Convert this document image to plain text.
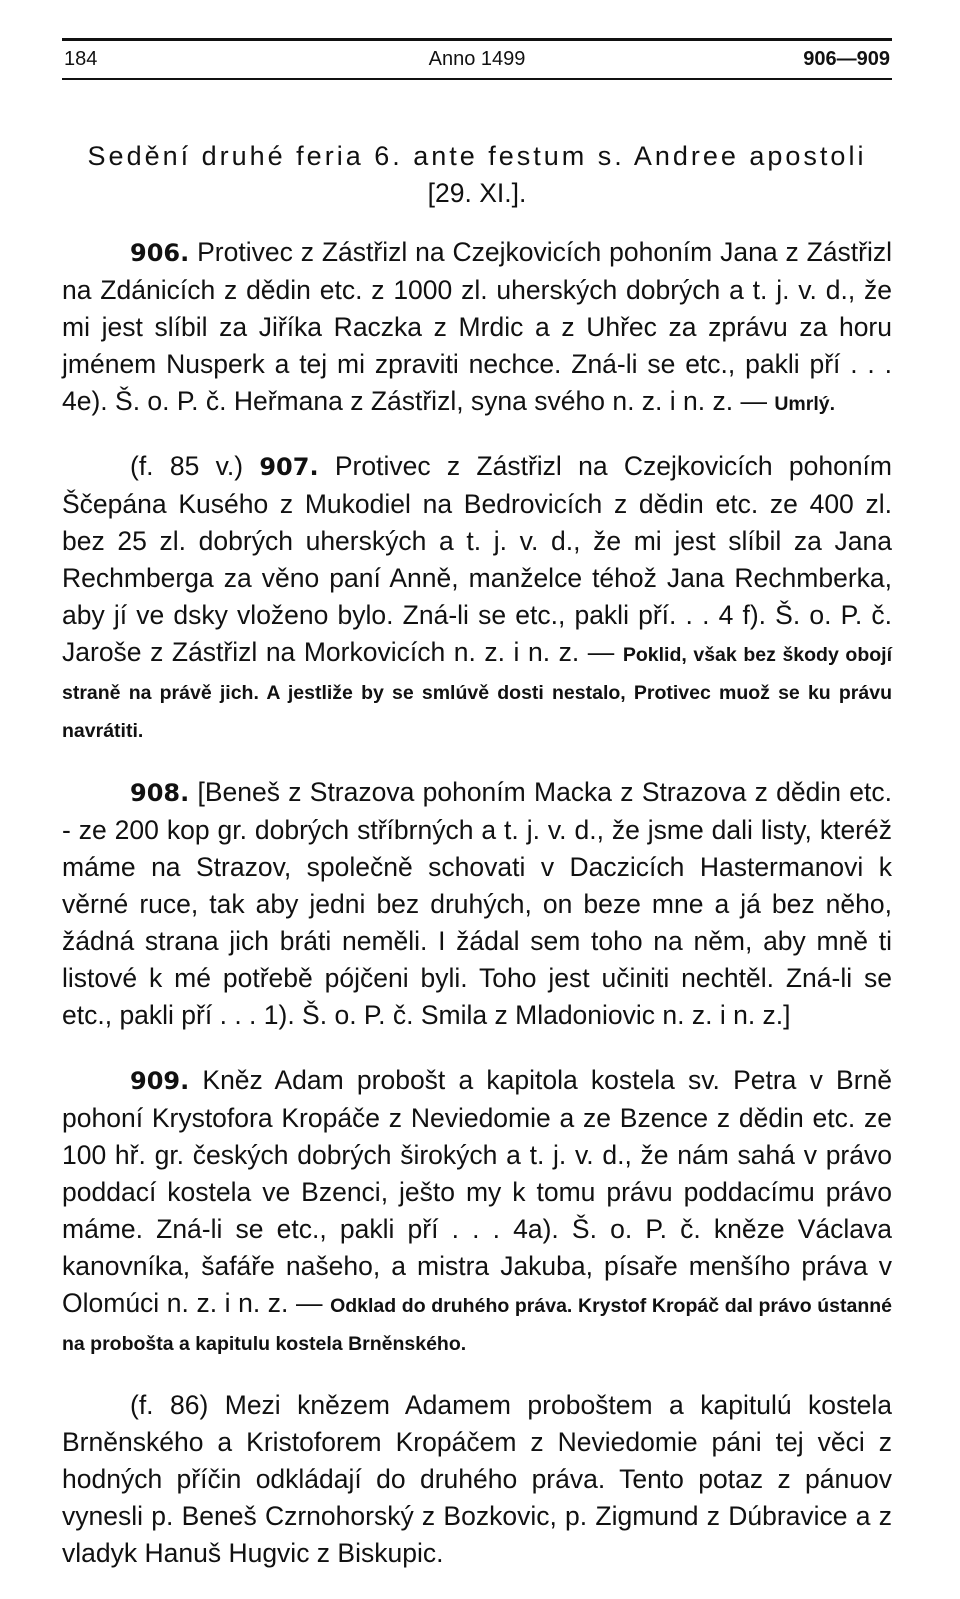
184	Anno 1499	906—909
Sedění druhé feria 6. ante festum s. Andree apostoli
[29. XI.].

906. Protivec z Zástřizl na Czejkovicích pohoním Jana z Zástřizl na Zdánicích z dědin etc. z 1000 zl. uherských dobrých a t. j. v. d., že mi jest slíbil za Jiříka Raczka z Mrdic a z Uhřec za zprávu za horu jménem Nusperk a tej mi zpraviti nechce. Zná-li se etc., pakli pří . . . 4e). Š. o. P. č. Heřmana z Zástřizl, syna svého n. z. i n. z. — Umrlý.

(f. 85 v.) 907. Protivec z Zástřizl na Czejkovicích pohoním Ščepána Kusého z Mukodiel na Bedrovicích z dědin etc. ze 400 zl. bez 25 zl. dobrých uherských a t. j. v. d., že mi jest slíbil za Jana Rechmberga za věno paní Anně, manželce téhož Jana Rechmberka, aby jí ve dsky vloženo bylo. Zná-li se etc., pakli pří. . . 4 f). Š. o. P. č. Jaroše z Zástřizl na Morkovicích n. z. i n. z. — Poklid, však bez škody obojí straně na právě jich. A jestliže by se smlúvě dosti nestalo, Protivec muož se ku právu navrátiti.

908. [Beneš z Strazova pohoním Macka z Strazova z dědin etc. - ze 200 kop gr. dobrých stříbrných a t. j. v. d., že jsme dali listy, kteréž máme na Strazov, společně schovati v Daczicích Hastermanovi k věrné ruce, tak aby jedni bez druhých, on beze mne a já bez něho, žádná strana jich bráti neměli. I žádal sem toho na něm, aby mně ti listové k mé potřebě pójčeni byli. Toho jest učiniti nechtěl. Zná-li se etc., pakli pří . . . 1). Š. o. P. č. Smila z Mladoniovic n. z. i n. z.]

909. Kněz Adam probošt a kapitola kostela sv. Petra v Brně pohoní Krystofora Kropáče z Neviedomie a ze Bzence z dědin etc. ze 100 hř. gr. českých dobrých širokých a t. j. v. d., že nám sahá v právo poddací kostela ve Bzenci, ješto my k tomu právu poddacímu právo máme. Zná-li se etc., pakli pří . . . 4a). Š. o. P. č. kněze Václava kanovníka, šafáře našeho, a mistra Jakuba, písaře menšího práva v Olomúci n. z. i n. z. — Odklad do druhého práva. Krystof Kropáč dal právo ústanné na probošta a kapitulu kostela Brněnského.

(f. 86) Mezi knězem Adamem proboštem a kapitulú kostela Brněnského a Kristoforem Kropáčem z Neviedomie páni tej věci z hodných příčin odkládají do druhého práva. Tento potaz z pánuov vynesli p. Beneš Czrnohorský z Bozkovic, p. Zigmund z Dúbravice a z vladyk Hanuš Hugvic z Biskupic.
